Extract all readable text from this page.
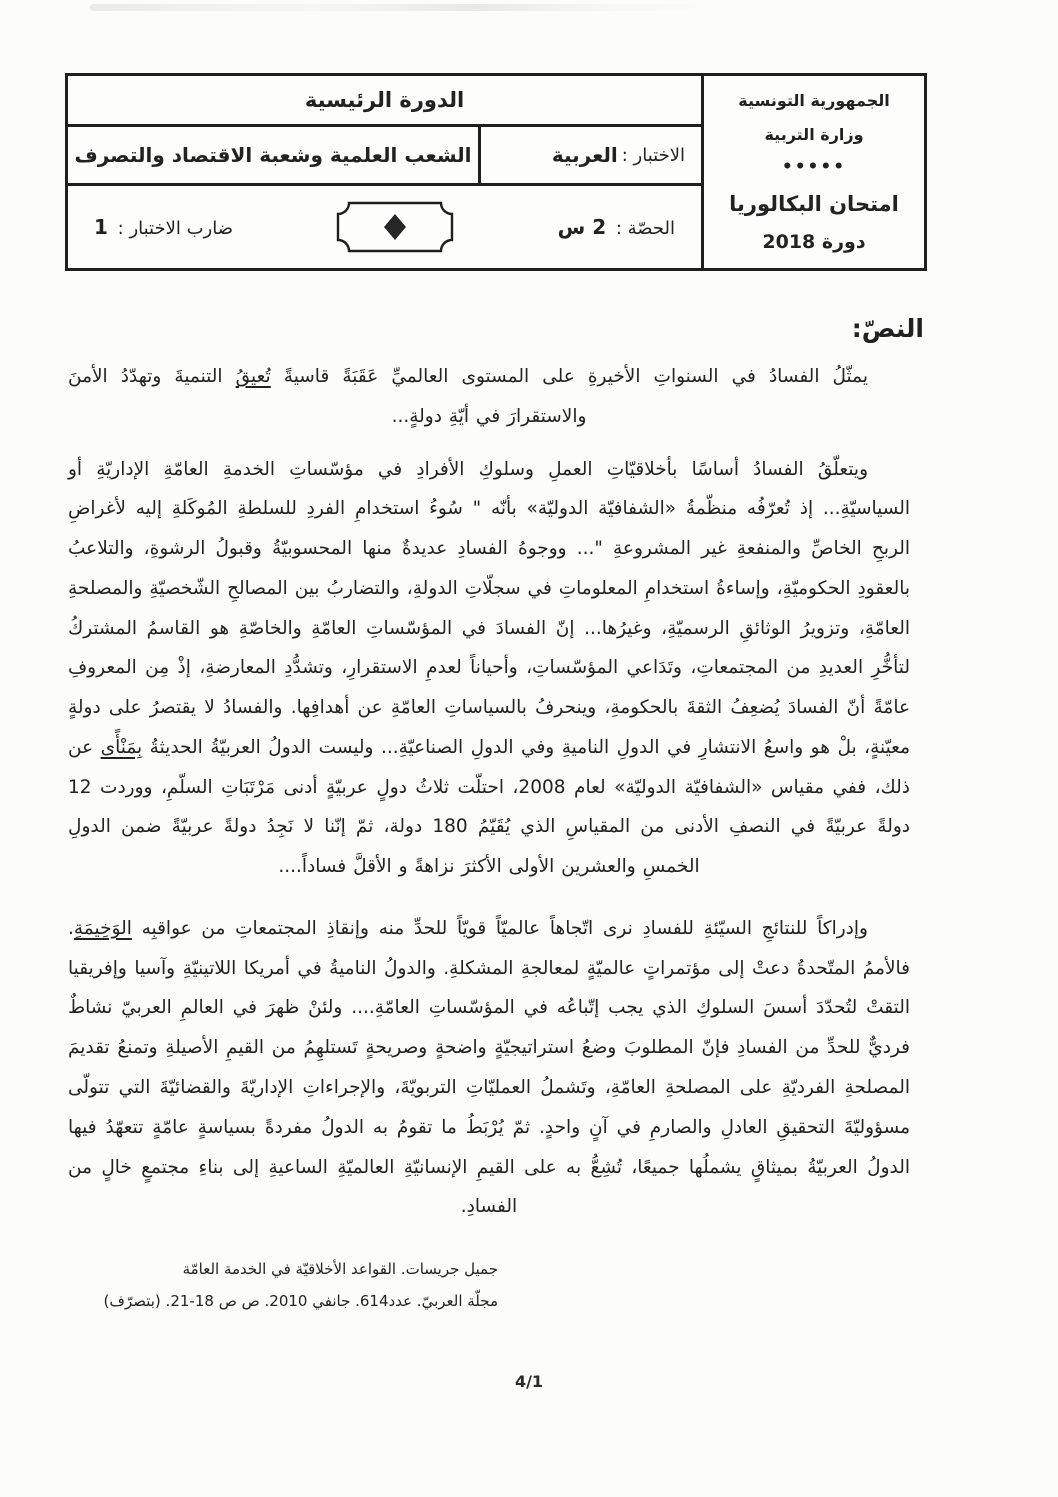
الجمهورية التونسية
وزارة التربية
•••••
امتحان البكالوريا
دورة 2018
الدورة الرئيسية
الاختبار :
العربية
الشعب العلمية وشعبة الاقتصاد والتصرف
الحصّة : 2 س
ضارب الاختبار : 1
النصّ:

يمثّلُ الفسادُ في السنواتِ الأخيرةِ على المستوى العالميِّ عَقَبَةً قاسيةً تُعيقُ التنميةَ وتهدّدُ الأمنَ والاستقرارَ في أيّةِ دولةٍ...

ويتعلّقُ الفسادُ أساسًا بأخلاقيّاتِ العملِ وسلوكِ الأفرادِ في مؤسّساتِ الخدمةِ العامّةِ الإداريّةِ أو السياسيّةِ... إذ تُعرّفُه منظّمةُ «الشفافيّة الدوليّة» بأنّه " سُوءُ استخدامِ الفردِ للسلطةِ المُوكَلةِ إليه لأغراضِ الربحِ الخاصِّ والمنفعةِ غير المشروعةِ "... ووجوهُ الفسادِ عديدةٌ منها المحسوبيّةُ وقبولُ الرشوةِ، والتلاعبُ بالعقودِ الحكوميّةِ، وإساءةُ استخدامِ المعلوماتِ في سجلّاتِ الدولةِ، والتضاربُ بين المصالحِ الشّخصيّةِ والمصلحةِ العامّةِ، وتزويرُ الوثائقِ الرسميّةِ، وغيرُها... إنّ الفسادَ في المؤسّساتِ العامّةِ والخاصّةِ هو القاسمُ المشتركُ لتأخُّرِ العديدِ من المجتمعاتِ، وتَدَاعي المؤسّساتِ، وأحياناً لعدمِ الاستقرارِ، وتشدُّدِ المعارضةِ، إذْ مِن المعروفِ عامّةً أنّ الفسادَ يُضعِفُ الثقةَ بالحكومةِ، وينحرفُ بالسياساتِ العامّةِ عن أهدافِها. والفسادُ لا يقتصرُ على دولةٍ معيّنةٍ، بلْ هو واسعُ الانتشارِ في الدولِ الناميةِ وفي الدولِ الصناعيّةِ... وليست الدولُ العربيّةُ الحديثةُ بِمَنْأًى عن ذلك، ففي مقياس «الشفافيّة الدوليّة» لعام 2008، احتلّت ثلاثُ دولٍ عربيّةٍ أدنى مَرْتَبَاتِ السلّمِ، ووردت 12 دولةً عربيّةً في النصفِ الأدنى من المقياسِ الذي يُقَيّمُ 180 دولة، ثمّ إنّنا لا نَجِدُ دولةً عربيّةً ضمن الدولِ الخمسِ والعشرين الأولى الأكثرَ نزاهةً و الأقلَّ فساداً....

وإدراكاً للنتائجِ السيّئةِ للفسادِ نرى اتّجاهاً عالميّاً قويّاً للحدِّ منه وإنقاذِ المجتمعاتِ من عواقبِه الوَخِيمَةِ. فالأممُ المتّحدةُ دعتْ إلى مؤتمراتٍ عالميّةٍ لمعالجةِ المشكلةِ. والدولُ الناميةُ في أمريكا اللاتينيّةِ وآسيا وإفريقيا التقتْ لتُحدّدَ أسسَ السلوكِ الذي يجب إتّباعُه في المؤسّساتِ العامّةِ.... ولئنْ ظهرَ في العالمِ العربيّ نشاطٌ فرديٌّ للحدِّ من الفسادِ فإنّ المطلوبَ وضعُ استراتيجيّةٍ واضحةٍ وصريحةٍ تَستلهِمُ من القيمِ الأصيلةِ وتمنعُ تقديمَ المصلحةِ الفرديّةِ على المصلحةِ العامّةِ، وتَشملُ العمليّاتِ التربويّةَ، والإجراءاتِ الإداريّةَ والقضائيّةَ التي تتولّى مسؤوليّةَ التحقيقِ العادلِ والصارمِ في آنٍ واحدٍ. ثمّ يُرْبَطُ ما تقومُ به الدولُ مفردةً بسياسةٍ عامّةٍ تتعهّدُ فيها الدولُ العربيّةُ بميثاقٍ يشملُها جميعًا، تُشِعُّ به على القيمِ الإنسانيّةِ العالميّةِ الساعيةِ إلى بناءِ مجتمعٍ خالٍ من الفسادِ.

جميل جريسات. القواعد الأخلاقيّة في الخدمة العامّة
مجلّة العربيّ. عدد614. جانفي 2010. ص ص 18-21. (بتصرّف)
4/1
